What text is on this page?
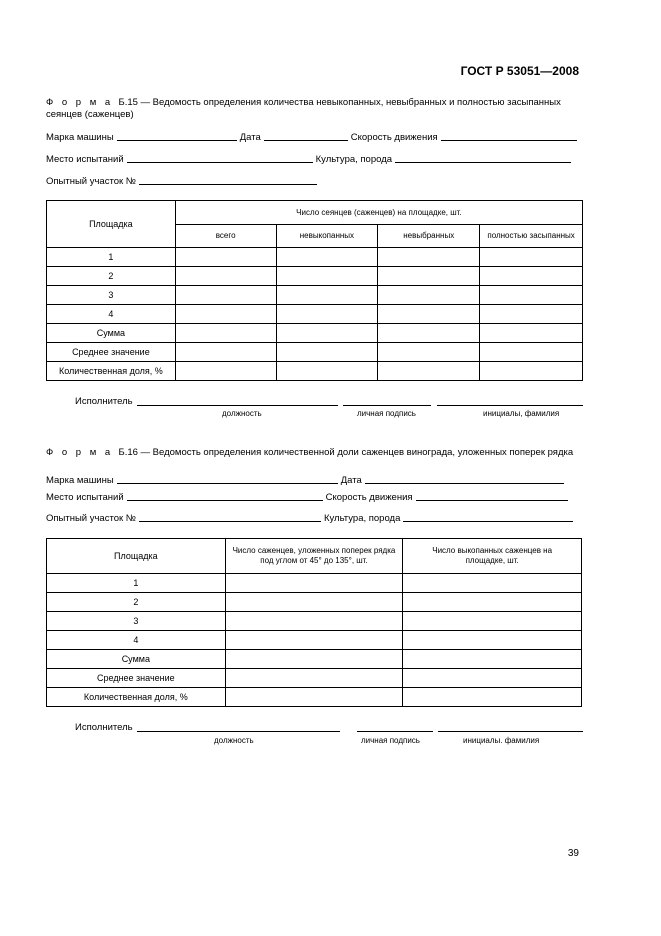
ГОСТ Р 53051—2008
Ф о р м а Б.15 — Ведомость определения количества невыкопанных, невыбранных и полностью засыпанных сеянцев (саженцев)
Марка машины	Дата	Скорость движения
Место испытаний	Культура, порода
Опытный участок №
Площадка	Число сеянцев (саженцев) на площадке, шт.			
	всего	невыкопанных	невыбранных	полностью засыпанных
1				
2				
3				
4				
Сумма				
Среднее значение				
Количественная доля, %				
Исполнитель
должность	личная подпись	инициалы, фамилия
Ф о р м а Б.16 — Ведомость определения количественной доли саженцев винограда, уложенных поперек рядка
Марка машины	Дата
Место испытаний	Скорость движения
Опытный участок №	Культура, порода
Площадка	Число саженцев, уложенных поперек рядка под углом от 45° до 135°, шт.	Число выкопанных саженцев на площадке, шт.
1		
2		
3		
4		
Сумма		
Среднее значение		
Количественная доля, %		
Исполнитель
должность	личная подпись	инициалы. фамилия
39
